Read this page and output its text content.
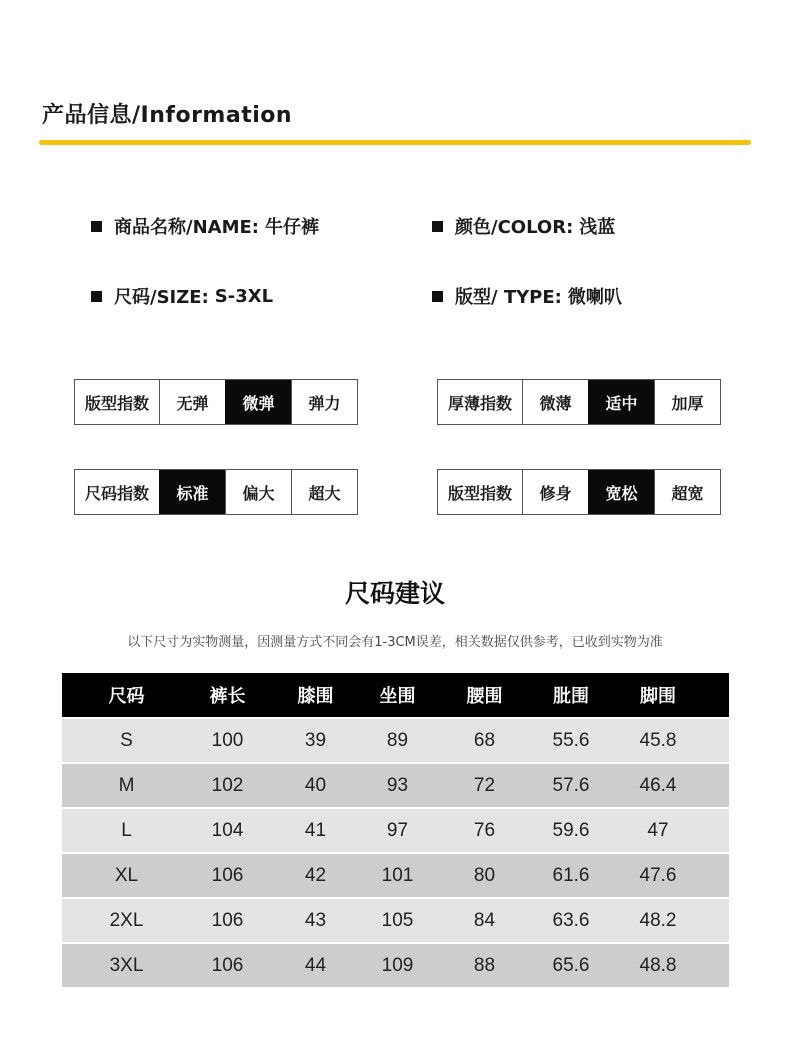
产品信息/Information
商品名称/NAME: 牛仔裤	颜色/COLOR: 浅蓝
尺码/SIZE: S-3XL	版型/ TYPE: 微喇叭
版型指数	无弹	微弹	弹力	厚薄指数	微薄	适中	加厚
尺码指数	标准	偏大	超大	版型指数	修身	宽松	超宽
尺码建议
以下尺寸为实物测量，因测量方式不同会有1-3CM误差，相关数据仅供参考，已收到实物为准
尺码	裤长	膝围	坐围	腰围	肶围	脚围
S	100	39	89	68	55.6	45.8
M	102	40	93	72	57.6	46.4
L	104	41	97	76	59.6	47
XL	106	42	101	80	61.6	47.6
2XL	106	43	105	84	63.6	48.2
3XL	106	44	109	88	65.6	48.8
